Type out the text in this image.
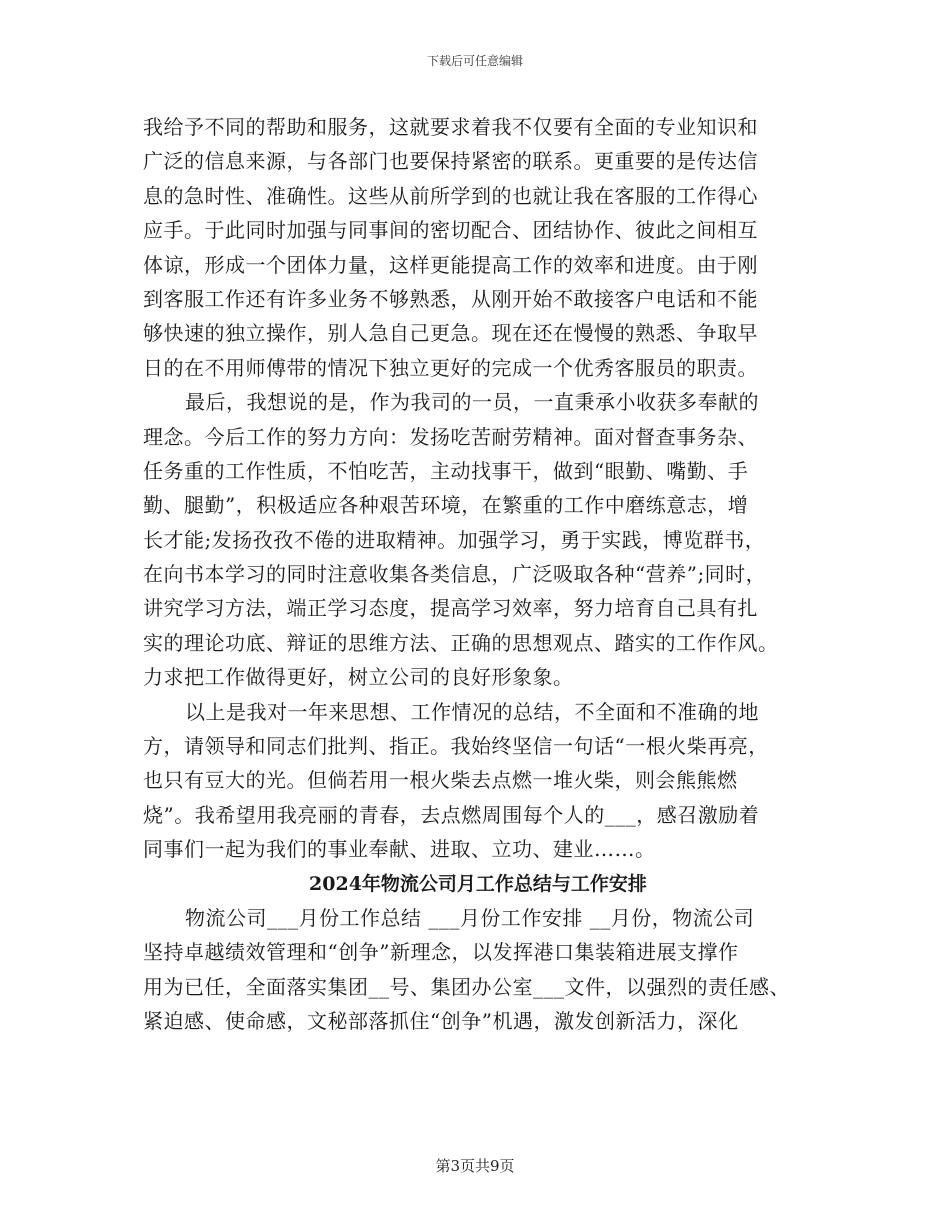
下载后可任意编辑
我给予不同的帮助和服务，这就要求着我不仅要有全面的专业知识和
广泛的信息来源，与各部门也要保持紧密的联系。更重要的是传达信
息的急时性、准确性。这些从前所学到的也就让我在客服的工作得心
应手。于此同时加强与同事间的密切配合、团结协作、彼此之间相互
体谅，形成一个团体力量，这样更能提高工作的效率和进度。由于刚
到客服工作还有许多业务不够熟悉，从刚开始不敢接客户电话和不能
够快速的独立操作，别人急自己更急。现在还在慢慢的熟悉、争取早
日的在不用师傅带的情况下独立更好的完成一个优秀客服员的职责。
最后，我想说的是，作为我司的一员，一直秉承小收获多奉献的
理念。今后工作的努力方向：发扬吃苦耐劳精神。面对督查事务杂、
任务重的工作性质，不怕吃苦，主动找事干，做到“眼勤、嘴勤、手
勤、腿勤”，积极适应各种艰苦环境，在繁重的工作中磨练意志，增
长才能;发扬孜孜不倦的进取精神。加强学习，勇于实践，博览群书，
在向书本学习的同时注意收集各类信息，广泛吸取各种“营养”;同时，
讲究学习方法，端正学习态度，提高学习效率，努力培育自己具有扎
实的理论功底、辩证的思维方法、正确的思想观点、踏实的工作作风。
力求把工作做得更好，树立公司的良好形象象。
以上是我对一年来思想、工作情况的总结，不全面和不准确的地
方，请领导和同志们批判、指正。我始终坚信一句话“一根火柴再亮，
也只有豆大的光。但倘若用一根火柴去点燃一堆火柴，则会熊熊燃
烧”。我希望用我亮丽的青春，去点燃周围每个人的___，感召激励着
同事们一起为我们的事业奉献、进取、立功、建业……。
2024年物流公司月工作总结与工作安排
物流公司___月份工作总结 ___月份工作安排 __月份，物流公司
坚持卓越绩效管理和“创争”新理念，以发挥港口集装箱进展支撑作
用为已任，全面落实集团__号、集团办公室___文件，以强烈的责任感、
紧迫感、使命感，文秘部落抓住“创争”机遇，激发创新活力，深化
第3页共9页
